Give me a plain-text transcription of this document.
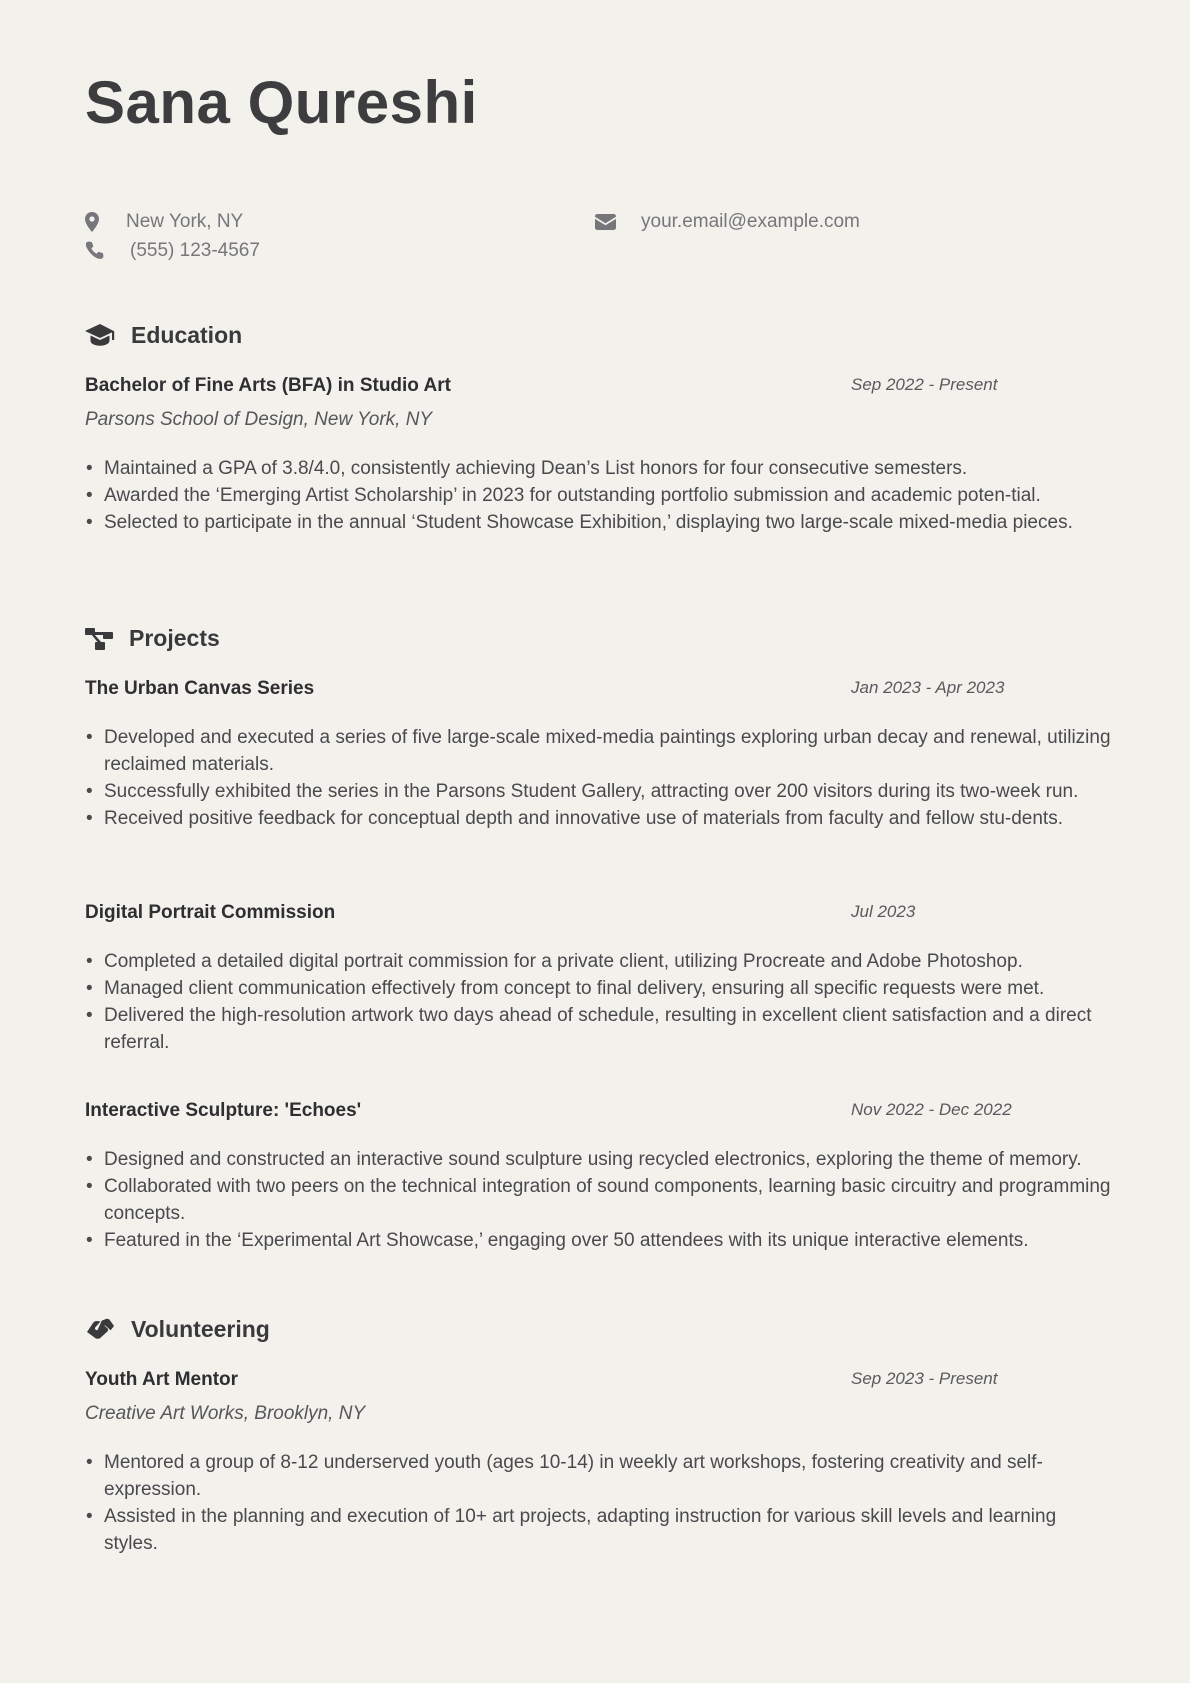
Sana Qureshi
New York, NY
(555) 123-4567
your.email@example.com
Education
Bachelor of Fine Arts (BFA) in Studio Art	Sep 2022 - Present
Parsons School of Design, New York, NY
• Maintained a GPA of 3.8/4.0, consistently achieving Dean’s List honors for four consecutive semesters.
• Awarded the ‘Emerging Artist Scholarship’ in 2023 for outstanding portfolio submission and academic poten-tial.
• Selected to participate in the annual ‘Student Showcase Exhibition,’ displaying two large-scale mixed-media pieces.
Projects
The Urban Canvas Series	Jan 2023 - Apr 2023
• Developed and executed a series of five large-scale mixed-media paintings exploring urban decay and renewal, utilizing reclaimed materials.
• Successfully exhibited the series in the Parsons Student Gallery, attracting over 200 visitors during its two-week run.
• Received positive feedback for conceptual depth and innovative use of materials from faculty and fellow stu-dents.
Digital Portrait Commission	Jul 2023
• Completed a detailed digital portrait commission for a private client, utilizing Procreate and Adobe Photoshop.
• Managed client communication effectively from concept to final delivery, ensuring all specific requests were met.
• Delivered the high-resolution artwork two days ahead of schedule, resulting in excellent client satisfaction and a direct referral.
Interactive Sculpture: 'Echoes'	Nov 2022 - Dec 2022
• Designed and constructed an interactive sound sculpture using recycled electronics, exploring the theme of memory.
• Collaborated with two peers on the technical integration of sound components, learning basic circuitry and programming concepts.
• Featured in the ‘Experimental Art Showcase,’ engaging over 50 attendees with its unique interactive elements.
Volunteering
Youth Art Mentor	Sep 2023 - Present
Creative Art Works, Brooklyn, NY
• Mentored a group of 8-12 underserved youth (ages 10-14) in weekly art workshops, fostering creativity and self-expression.
• Assisted in the planning and execution of 10+ art projects, adapting instruction for various skill levels and learning styles.
